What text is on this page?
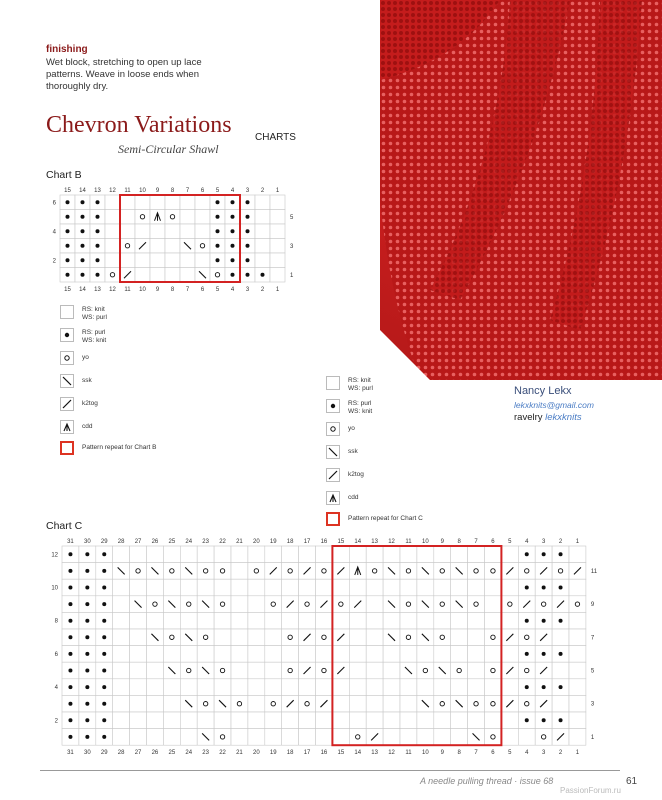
finishing
Wet block, stretching to open up lace patterns. Weave in loose ends when thoroughly dry.
Chevron Variations
Semi-Circular Shawl
CHARTS
Nancy Lekx
lekxknits@gmail.com
ravelry lekxknits
Chart B
15
15
14
14
13
13
12
12
11
11
10
10
9
9
8
8
7
7
6
6
5
5
4
4
3
3
2
2
1
1
6
4
2
5
3
1
RS: knit
WS: purl
RS: purl
WS: knit
yo
ssk
k2tog
cdd
Pattern repeat for Chart B
RS: knit
WS: purl
RS: purl
WS: knit
yo
ssk
k2tog
cdd
Pattern repeat for Chart C
Chart C
31
31
30
30
29
29
28
28
27
27
26
26
25
25
24
24
23
23
22
22
21
21
20
20
19
19
18
18
17
17
16
16
15
15
14
14
13
13
12
12
11
11
10
10
9
9
8
8
7
7
6
6
5
5
4
4
3
3
2
2
1
1
12
10
8
6
4
2
11
9
7
5
3
1
A needle pulling thread · issue 68	61
PassionForum.ru
